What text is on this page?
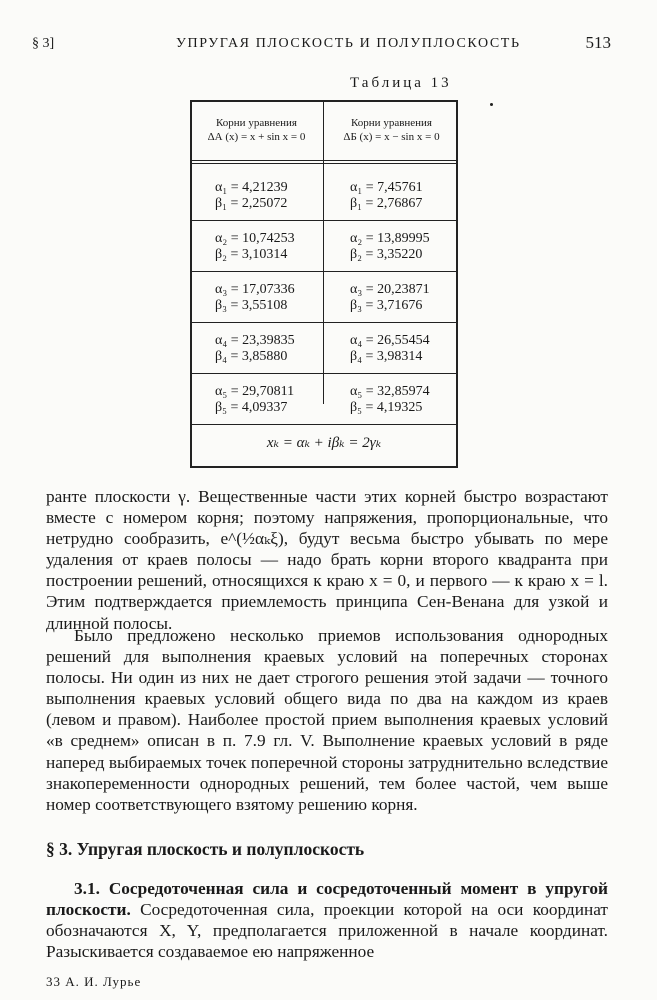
§ 3]	УПРУГАЯ ПЛОСКОСТЬ И ПОЛУПЛОСКОСТЬ	513
Таблица 13
Корни уравнения
ΔА (x) = x + sin x = 0
Корни уравнения
ΔБ (x) = x − sin x = 0
α₁ = 4,21239
β₁ = 2,25072
α₁ = 7,45761
β₁ = 2,76867
α₂ = 10,74253
β₂ = 3,10314
α₂ = 13,89995
β₂ = 3,35220
α₃ = 17,07336
β₃ = 3,55108
α₃ = 20,23871
β₃ = 3,71676
α₄ = 23,39835
β₄ = 3,85880
α₄ = 26,55454
β₄ = 3,98314
α₅ = 29,70811
β₅ = 4,09337
α₅ = 32,85974
β₅ = 4,19325
xₖ = αₖ + iβₖ = 2γₖ
ранте плоскости γ. Вещественные части этих корней быстро возрастают вместе с номером корня; поэтому напряжения, пропорциональные, что нетрудно сообразить, e^(½αₖξ), будут весьма быстро убывать по мере удаления от краев полосы — надо брать корни второго квадранта при построении решений, относящихся к краю x = 0, и первого — к краю x = l. Этим подтверждается приемлемость принципа Сен-Венана для узкой и длинной полосы.
Было предложено несколько приемов использования однородных решений для выполнения краевых условий на поперечных сторонах полосы. Ни один из них не дает строгого решения этой задачи — точного выполнения краевых условий общего вида по два на каждом из краев (левом и правом). Наиболее простой прием выполнения краевых условий «в среднем» описан в п. 7.9 гл. V. Выполнение краевых условий в ряде наперед выбираемых точек поперечной стороны затруднительно вследствие знакопеременности однородных решений, тем более частой, чем выше номер соответствующего взятому решению корня.
§ 3. Упругая плоскость и полуплоскость
3.1. Сосредоточенная сила и сосредоточенный момент в упругой плоскости. Сосредоточенная сила, проекции которой на оси координат обозначаются X, Y, предполагается приложенной в начале координат. Разыскивается создаваемое ею напряженное
33 А. И. Лурье
